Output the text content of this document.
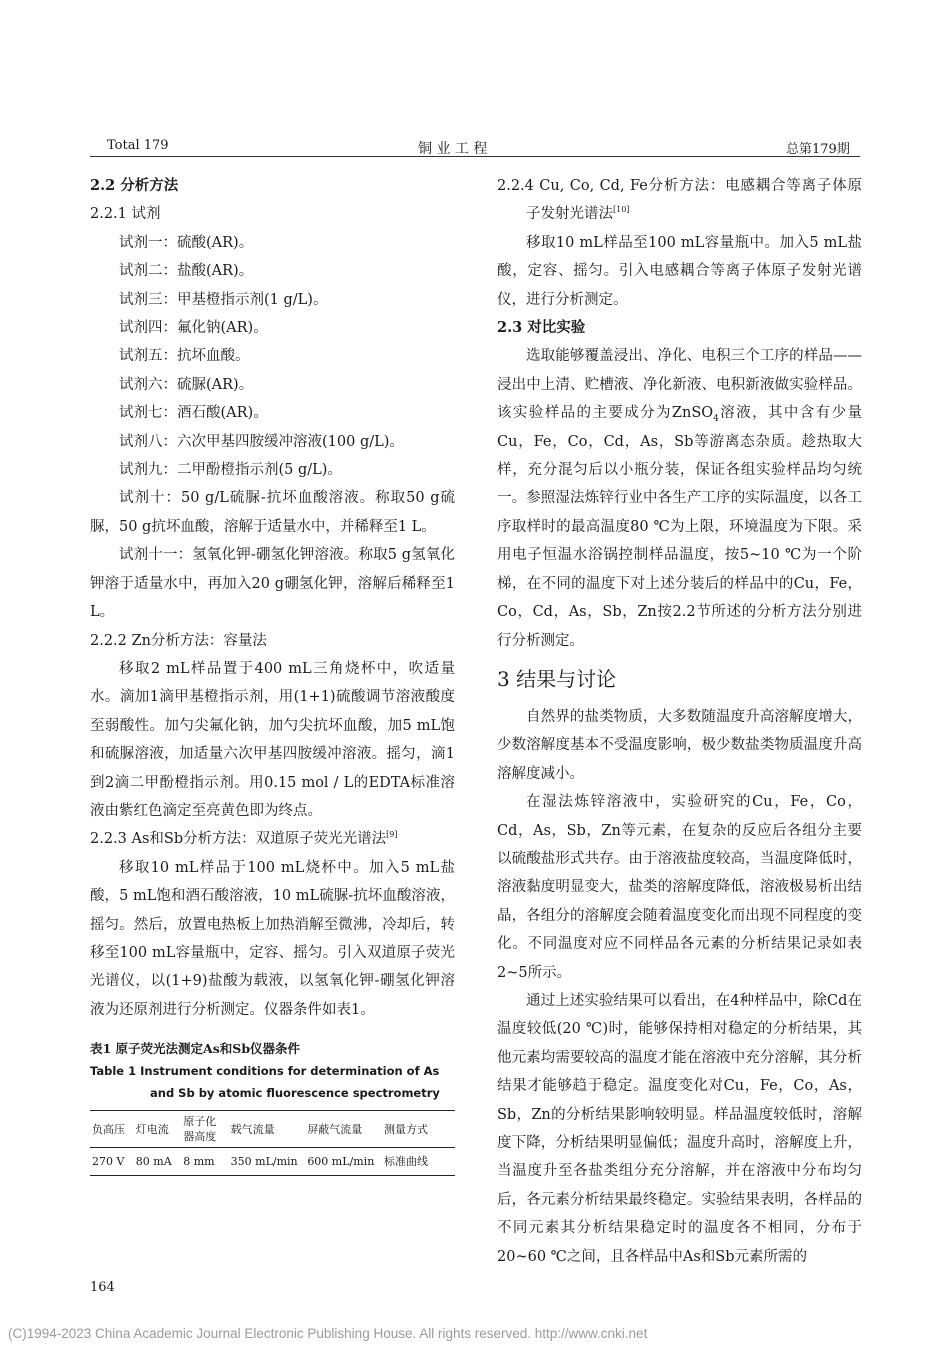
Total 179	铜 业 工 程	总第179期

2.2 分析方法

2.2.1 试剂

试剂一：硫酸(AR)。

试剂二：盐酸(AR)。

试剂三：甲基橙指示剂(1 g/L)。

试剂四：氟化钠(AR)。

试剂五：抗坏血酸。

试剂六：硫脲(AR)。

试剂七：酒石酸(AR)。

试剂八：六次甲基四胺缓冲溶液(100 g/L)。

试剂九：二甲酚橙指示剂(5 g/L)。

试剂十：50 g/L硫脲-抗坏血酸溶液。称取50 g硫脲，50 g抗坏血酸，溶解于适量水中，并稀释至1 L。

试剂十一：氢氧化钾-硼氢化钾溶液。称取5 g氢氧化钾溶于适量水中，再加入20 g硼氢化钾，溶解后稀释至1 L。

2.2.2 Zn分析方法：容量法

移取2 mL样品置于400 mL三角烧杯中，吹适量水。滴加1滴甲基橙指示剂，用(1+1)硫酸调节溶液酸度至弱酸性。加勺尖氟化钠，加勺尖抗坏血酸，加5 mL饱和硫脲溶液，加适量六次甲基四胺缓冲溶液。摇匀，滴1到2滴二甲酚橙指示剂。用0.15 mol / L的EDTA标准溶液由紫红色滴定至亮黄色即为终点。

2.2.3 As和Sb分析方法：双道原子荧光光谱法[9]

移取10 mL样品于100 mL烧杯中。加入5 mL盐酸，5 mL饱和酒石酸溶液，10 mL硫脲-抗坏血酸溶液，摇匀。然后，放置电热板上加热消解至微沸，冷却后，转移至100 mL容量瓶中，定容、摇匀。引入双道原子荧光光谱仪，以(1+9)盐酸为载液，以氢氧化钾-硼氢化钾溶液为还原剂进行分析测定。仪器条件如表1。

表1 原子荧光法测定As和Sb仪器条件

Table 1 Instrument conditions for determination of As

and Sb by atomic fluorescence spectrometry

负高压	灯电流	原子化器高度	载气流量	屏蔽气流量	测量方式
270 V	80 mA	8 mm	350 mL/min	600 mL/min	标准曲线

2.2.4 Cu, Co, Cd, Fe分析方法：电感耦合等离子体原子发射光谱法[10]

移取10 mL样品至100 mL容量瓶中。加入5 mL盐酸，定容、摇匀。引入电感耦合等离子体原子发射光谱仪，进行分析测定。

2.3 对比实验

选取能够覆盖浸出、净化、电积三个工序的样品——浸出中上清、贮槽液、净化新液、电积新液做实验样品。该实验样品的主要成分为ZnSO$_4$溶液，其中含有少量Cu，Fe，Co，Cd，As，Sb等游离态杂质。趁热取大样，充分混匀后以小瓶分装，保证各组实验样品均匀统一。参照湿法炼锌行业中各生产工序的实际温度，以各工序取样时的最高温度80 ℃为上限，环境温度为下限。采用电子恒温水浴锅控制样品温度，按5~10 ℃为一个阶梯，在不同的温度下对上述分装后的样品中的Cu，Fe，Co，Cd，As，Sb，Zn按2.2节所述的分析方法分别进行分析测定。

3 结果与讨论

自然界的盐类物质，大多数随温度升高溶解度增大，少数溶解度基本不受温度影响，极少数盐类物质温度升高溶解度减小。

在湿法炼锌溶液中，实验研究的Cu，Fe，Co，Cd，As，Sb，Zn等元素，在复杂的反应后各组分主要以硫酸盐形式共存。由于溶液盐度较高，当温度降低时，溶液黏度明显变大，盐类的溶解度降低，溶液极易析出结晶，各组分的溶解度会随着温度变化而出现不同程度的变化。不同温度对应不同样品各元素的分析结果记录如表2~5所示。

通过上述实验结果可以看出，在4种样品中，除Cd在温度较低(20 ℃)时，能够保持相对稳定的分析结果，其他元素均需要较高的温度才能在溶液中充分溶解，其分析结果才能够趋于稳定。温度变化对Cu，Fe，Co，As，Sb，Zn的分析结果影响较明显。样品温度较低时，溶解度下降，分析结果明显偏低；温度升高时，溶解度上升，当温度升至各盐类组分充分溶解，并在溶液中分布均匀后，各元素分析结果最终稳定。实验结果表明，各样品的不同元素其分析结果稳定时的温度各不相同，分布于20~60 ℃之间，且各样品中As和Sb元素所需的

164
(C)1994-2023 China Academic Journal Electronic Publishing House. All rights reserved. http://www.cnki.net
